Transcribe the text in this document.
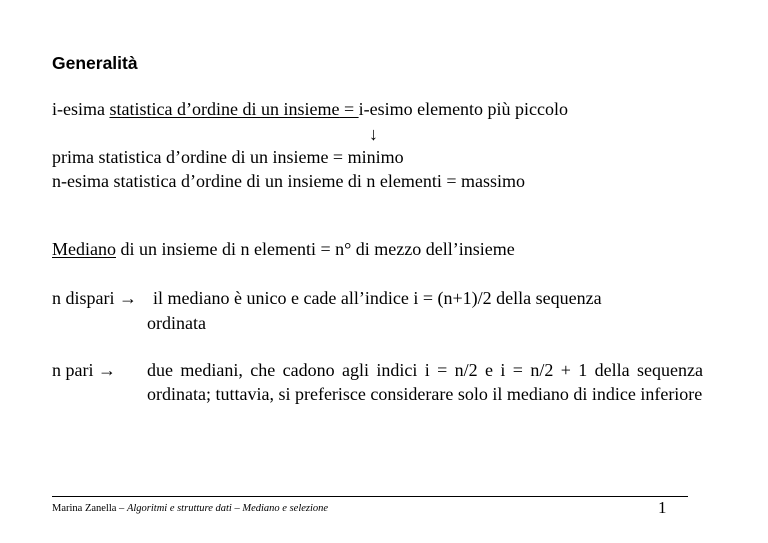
Generalità
i-esima statistica d’ordine di un insieme = i-esimo elemento più piccolo
↓
prima statistica d’ordine di un insieme = minimo
n-esima statistica d’ordine di un insieme di n elementi = massimo
Mediano di un insieme di n elementi = n° di mezzo dell’insieme
n dispari → il mediano è unico e cade all’indice i = (n+1)/2 della sequenza
ordinata
n pari → due mediani, che cadono agli indici i = n/2 e i = n/2 + 1 della sequenza ordinata; tuttavia, si preferisce considerare solo il mediano di indice inferiore
Marina Zanella – Algoritmi e strutture dati – Mediano e selezione	1
